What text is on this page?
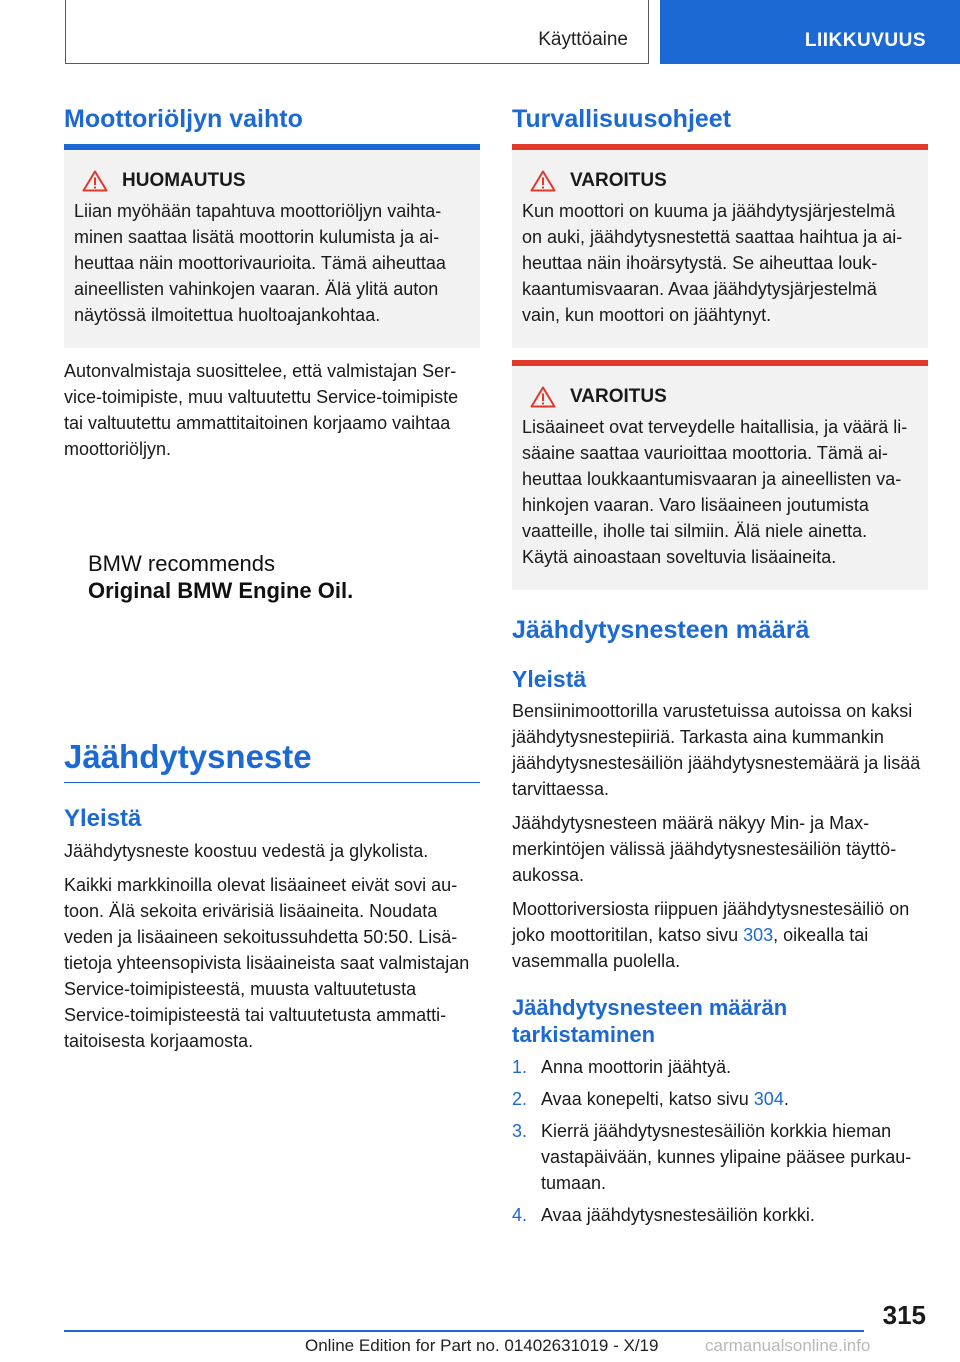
Käyttöaine	LIIKKUVUUS
Moottoriöljyn vaihto
HUOMAUTUS
Liian myöhään tapahtuva moottoriöljyn vaihtaminen saattaa lisätä moottorin kulumista ja aiheuttaa näin moottorivaurioita. Tämä aiheuttaa aineellisten vahinkojen vaaran. Älä ylitä auton näytössä ilmoitettua huoltoajankohtaa.

Autonvalmistaja suosittelee, että valmistajan Service-toimipiste, muu valtuutettu Service-toimipiste tai valtuutettu ammattitaitoinen korjaamo vaihtaa moottoriöljyn.

BMW recommends
Original BMW Engine Oil.
Jäähdytysneste
Yleistä

Jäähdytysneste koostuu vedestä ja glykolista.

Kaikki markkinoilla olevat lisäaineet eivät sovi autoon. Älä sekoita erivärisiä lisäaineita. Noudata veden ja lisäaineen sekoitussuhdetta 50:50. Lisätietoja yhteensopivista lisäaineista saat valmistajan Service-toimipisteestä, muusta valtuutetusta Service-toimipisteestä tai valtuutetusta ammattitaitoisesta korjaamosta.

Turvallisuusohjeet
VAROITUS
Kun moottori on kuuma ja jäähdytysjärjestelmä on auki, jäähdytysnestettä saattaa haihtua ja aiheuttaa näin ihoärsytystä. Se aiheuttaa loukkaantumisvaaran. Avaa jäähdytysjärjestelmä vain, kun moottori on jäähtynyt.
VAROITUS
Lisäaineet ovat terveydelle haitallisia, ja väärä lisäaine saattaa vaurioittaa moottoria. Tämä aiheuttaa loukkaantumisvaaran ja aineellisten vahinkojen vaaran. Varo lisäaineen joutumista vaatteille, iholle tai silmiin. Älä niele ainetta. Käytä ainoastaan soveltuvia lisäaineita.
Jäähdytysnesteen määrä
Yleistä

Bensiinimoottorilla varustetuissa autoissa on kaksi jäähdytysnestepiiriä. Tarkasta aina kummankin jäähdytysnestesäiliön jäähdytysnestemäärä ja lisää tarvittaessa.

Jäähdytysnesteen määrä näkyy Min- ja Max-merkintöjen välissä jäähdytysnestesäiliön täyttöaukossa.

Moottoriversiosta riippuen jäähdytysnestesäiliö on joko moottoritilan, katso sivu 303, oikealla tai vasemmalla puolella.

Jäähdytysnesteen määrän tarkistaminen
1. Anna moottorin jäähtyä.
2. Avaa konepelti, katso sivu 304.
3. Kierrä jäähdytysnestesäiliön korkkia hieman vastapäivään, kunnes ylipaine pääsee purkautumaan.
4. Avaa jäähdytysnestesäiliön korkki.
315
Online Edition for Part no. 01402631019 - X/19	carmanualsonline.info
